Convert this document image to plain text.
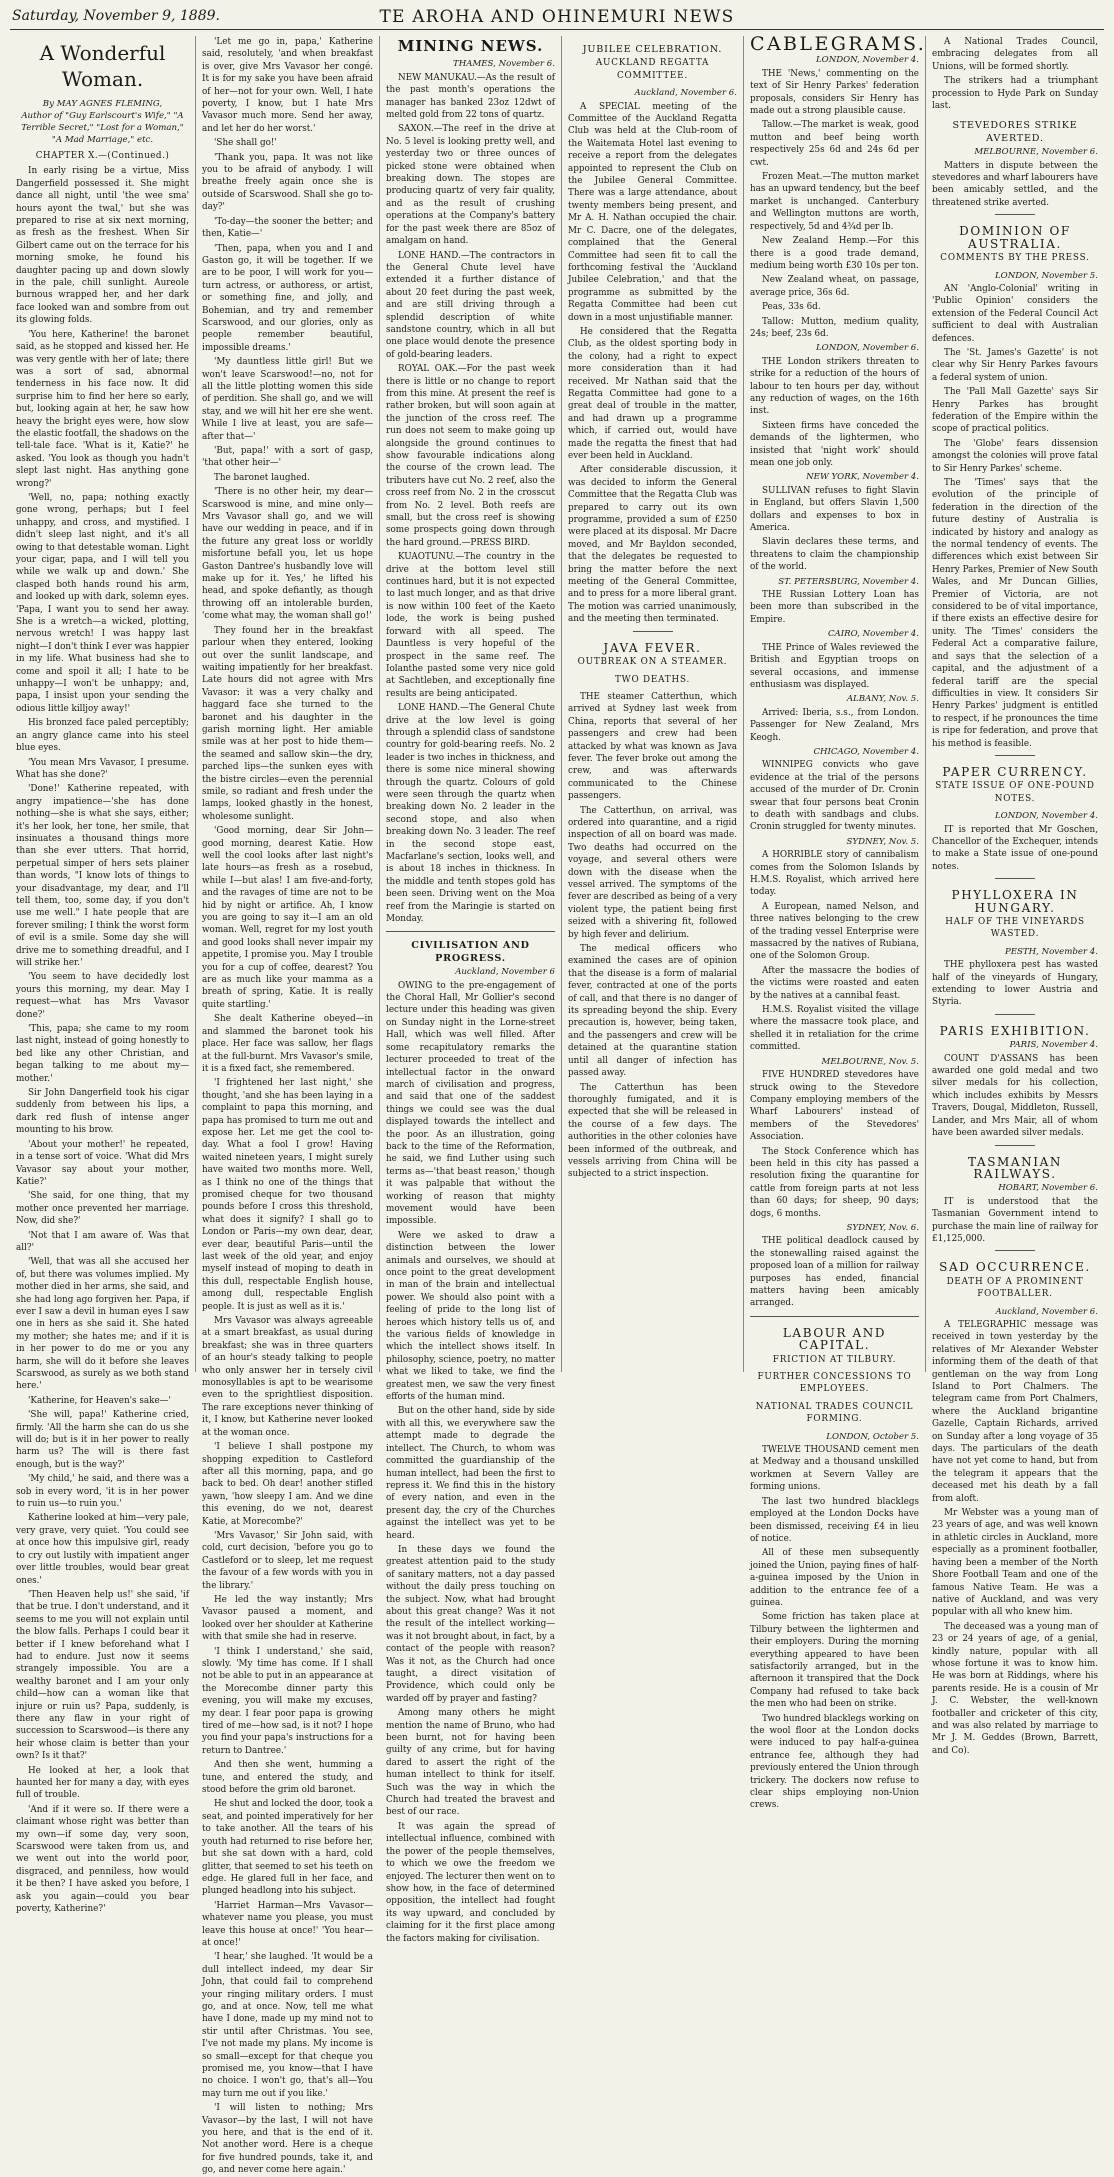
Saturday, November 9, 1889.	TE AROHA AND OHINEMURI NEWS
A Wonderful Woman.
By MAY AGNES FLEMING,
Author of "Guy Earlscourt's Wife," "A Terrible Secret," "Lost for a Woman," "A Mad Marriage," etc.
CHAPTER X.—(Continued.)

In early rising be a virtue, Miss Dangerfield possessed it. She might dance all night, until 'the wee sma' hours ayont the twal,' but she was prepared to rise at six next morning, as fresh as the freshest. When Sir Gilbert came out on the terrace for his morning smoke, he found his daughter pacing up and down slowly in the pale, chill sunlight. Aureole burnous wrapped her, and her dark face looked wan and sombre from out its glowing folds.

'You here, Katherine! the baronet said, as he stopped and kissed her. He was very gentle with her of late; there was a sort of sad, abnormal tenderness in his face now. It did surprise him to find her here so early, but, looking again at her, he saw how heavy the bright eyes were, how slow the elastic footfall, the shadows on the tell-tale face. 'What is it, Katie?' he asked. 'You look as though you hadn't slept last night. Has anything gone wrong?'

'Well, no, papa; nothing exactly gone wrong, perhaps; but I feel unhappy, and cross, and mystified. I didn't sleep last night, and it's all owing to that detestable woman. Light your cigar, papa, and I will tell you while we walk up and down.' She clasped both hands round his arm, and looked up with dark, solemn eyes. 'Papa, I want you to send her away. She is a wretch—a wicked, plotting, nervous wretch! I was happy last night—I don't think I ever was happier in my life. What business had she to come and spoil it all; I hate to be unhappy—I won't be unhappy; and, papa, I insist upon your sending the odious little killjoy away!'

His bronzed face paled perceptibly; an angry glance came into his steel blue eyes.

'You mean Mrs Vavasor, I presume. What has she done?'

'Done!' Katherine repeated, with angry impatience—'she has done nothing—she is what she says, either; it's her look, her tone, her smile, that insinuates a thousand things more than she ever utters. That horrid, perpetual simper of hers sets plainer than words, "I know lots of things to your disadvantage, my dear, and I'll tell them, too, some day, if you don't use me well." I hate people that are forever smiling; I think the worst form of evil is a smile. Some day she will drive me to something dreadful, and I will strike her.'

'You seem to have decidedly lost yours this morning, my dear. May I request—what has Mrs Vavasor done?'

'This, papa; she came to my room last night, instead of going honestly to bed like any other Christian, and began talking to me about my—mother.'

Sir John Dangerfield took his cigar suddenly from between his lips, a dark red flush of intense anger mounting to his brow.

'About your mother!' he repeated, in a tense sort of voice. 'What did Mrs Vavasor say about your mother, Katie?'

'She said, for one thing, that my mother once prevented her marriage. Now, did she?'

'Not that I am aware of. Was that all?'

'Well, that was all she accused her of, but there was volumes implied. My mother died in her arms, she said, and she had long ago forgiven her. Papa, if ever I saw a devil in human eyes I saw one in hers as she said it. She hated my mother; she hates me; and if it is in her power to do me or you any harm, she will do it before she leaves Scarswood, as surely as we both stand here.'

'Katherine, for Heaven's sake—'

'She will, papa!' Katherine cried, firmly. 'All the harm she can do us she will do; but is it in her power to really harm us? The will is there fast enough, but is the way?'

'My child,' he said, and there was a sob in every word, 'it is in her power to ruin us—to ruin you.'

Katherine looked at him—very pale, very grave, very quiet. 'You could see at once how this impulsive girl, ready to cry out lustily with impatient anger over little troubles, would bear great ones.'

'Then Heaven help us!' she said, 'if that be true. I don't understand, and it seems to me you will not explain until the blow falls. Perhaps I could bear it better if I knew beforehand what I had to endure. Just now it seems strangely impossible. You are a wealthy baronet and I am your only child—how can a woman like that injure or ruin us? Papa, suddenly, is there any flaw in your right of succession to Scarswood—is there any heir whose claim is better than your own? Is it that?'

He looked at her, a look that haunted her for many a day, with eyes full of trouble.

'And if it were so. If there were a claimant whose right was better than my own—if some day, very soon, Scarswood were taken from us, and we went out into the world poor, disgraced, and penniless, how would it be then? I have asked you before, I ask you again—could you bear poverty, Katherine?'

'Let me go in, papa,' Katherine said, resolutely, 'and when breakfast is over, give Mrs Vavasor her congé. It is for my sake you have been afraid of her—not for your own. Well, I hate poverty, I know, but I hate Mrs Vavasor much more. Send her away, and let her do her worst.'

'She shall go!'

'Thank you, papa. It was not like you to be afraid of anybody. I will breathe freely again once she is outside of Scarswood. Shall she go to-day?'

'To-day—the sooner the better; and then, Katie—'

'Then, papa, when you and I and Gaston go, it will be together. If we are to be poor, I will work for you—turn actress, or authoress, or artist, or something fine, and jolly, and Bohemian, and try and remember Scarswood, and our glories, only as people remember beautiful, impossible dreams.'

'My dauntless little girl! But we won't leave Scarswood!—no, not for all the little plotting women this side of perdition. She shall go, and we will stay, and we will hit her ere she went. While I live at least, you are safe—after that—'

'But, papa!' with a sort of gasp, 'that other heir—'

The baronet laughed.

'There is no other heir, my dear—Scarswood is mine, and mine only—Mrs Vavasor shall go, and we will have our wedding in peace, and if in the future any great loss or worldly misfortune befall you, let us hope Gaston Dantree's husbandly love will make up for it. Yes,' he lifted his head, and spoke defiantly, as though throwing off an intolerable burden, 'come what may, the woman shall go!'

They found her in the breakfast parlour when they entered, looking out over the sunlit landscape, and waiting impatiently for her breakfast. Late hours did not agree with Mrs Vavasor: it was a very chalky and haggard face she turned to the baronet and his daughter in the garish morning light. Her amiable smile was at her post to hide them—the seamed and sallow skin—the dry, parched lips—the sunken eyes with the bistre circles—even the perennial smile, so radiant and fresh under the lamps, looked ghastly in the honest, wholesome sunlight.

'Good morning, dear Sir John—good morning, dearest Katie. How well the cool looks after last night's late hours—as fresh as a rosebud, while I—but alas! I am five-and-forty, and the ravages of time are not to be hid by night or artifice. Ah, I know you are going to say it—I am an old woman. Well, regret for my lost youth and good looks shall never impair my appetite, I promise you. May I trouble you for a cup of coffee, dearest? You are as much like your mamma as a breath of spring, Katie. It is really quite startling.'

She dealt Katherine obeyed—in and slammed the baronet took his place. Her face was sallow, her flags at the full-burnt. Mrs Vavasor's smile, it is a fixed fact, she remembered.

'I frightened her last night,' she thought, 'and she has been laying in a complaint to papa this morning, and papa has promised to turn me out and expose her. Let me get the cool to-day. What a fool I grow! Having waited nineteen years, I might surely have waited two months more. Well, as I think no one of the things that promised cheque for two thousand pounds before I cross this threshold, what does it signify? I shall go to London or Paris—my own dear, dear, ever dear, beautiful Paris—until the last week of the old year, and enjoy myself instead of moping to death in this dull, respectable English house, among dull, respectable English people. It is just as well as it is.'

Mrs Vavasor was always agreeable at a smart breakfast, as usual during breakfast; she was in three quarters of an hour's steady talking to people who only answer her in tersely civil monosyllables is apt to be wearisome even to the sprightliest disposition. The rare exceptions never thinking of it, I know, but Katherine never looked at the woman once.

'I believe I shall postpone my shopping expedition to Castleford after all this morning, papa, and go back to bed. Oh dear! another stifled yawn, 'how sleepy I am. And we dine this evening, do we not, dearest Katie, at Morecombe?'

'Mrs Vavasor,' Sir John said, with cold, curt decision, 'before you go to Castleford or to sleep, let me request the favour of a few words with you in the library.'

He led the way instantly; Mrs Vavasor paused a moment, and looked over her shoulder at Katherine with that smile she had in reserve.

'I think I understand,' she said, slowly. 'My time has come. If I shall not be able to put in an appearance at the Morecombe dinner party this evening, you will make my excuses, my dear. I fear poor papa is growing tired of me—how sad, is it not? I hope you find your papa's instructions for a return to Dantree.'

And then she went, humming a tune, and entered the study, and stood before the grim old baronet.

He shut and locked the door, took a seat, and pointed imperatively for her to take another. All the tears of his youth had returned to rise before her, but she sat down with a hard, cold glitter, that seemed to set his teeth on edge. He glared full in her face, and plunged headlong into his subject.

'Harriet Harman—Mrs Vavasor—whatever name you please, you must leave this house at once!' 'You hear—at once!'

'I hear,' she laughed. 'It would be a dull intellect indeed, my dear Sir John, that could fail to comprehend your ringing military orders. I must go, and at once. Now, tell me what have I done, made up my mind not to stir until after Christmas. You see, I've not made my plans. My income is so small—except for that cheque you promised me, you know—that I have no choice. I won't go, that's all—You may turn me out if you like.'

'I will listen to nothing; Mrs Vavasor—by the last, I will not have you here, and that is the end of it. Not another word. Here is a cheque for five hundred pounds, take it, and go, and never come here again.'

MINING NEWS.
THAMES, November 6.

NEW MANUKAU.—As the result of the past month's operations the manager has banked 23oz 12dwt of melted gold from 22 tons of quartz.

SAXON.—The reef in the drive at No. 5 level is looking pretty well, and yesterday two or three ounces of picked stone were obtained when breaking down. The stopes are producing quartz of very fair quality, and as the result of crushing operations at the Company's battery for the past week there are 85oz of amalgam on hand.

LONE HAND.—The contractors in the General Chute level have extended it a further distance of about 20 feet during the past week, and are still driving through a splendid description of white sandstone country, which in all but one place would denote the presence of gold-bearing leaders.

ROYAL OAK.—For the past week there is little or no change to report from this mine. At present the reef is rather broken, but will soon again at the junction of the cross reef. The run does not seem to make going up alongside the ground continues to show favourable indications along the course of the crown lead. The tributers have cut No. 2 reef, also the cross reef from No. 2 in the crosscut from No. 2 level. Both reefs are small, but the cross reef is showing some prospects going down through the hard ground.—PRESS BIRD.

KUAOTUNU.—The country in the drive at the bottom level still continues hard, but it is not expected to last much longer, and as that drive is now within 100 feet of the Kaeto lode, the work is being pushed forward with all speed. The Dauntless is very hopeful of the prospect in the same reef. The Iolanthe pasted some very nice gold at Sachtleben, and exceptionally fine results are being anticipated.

LONE HAND.—The General Chute drive at the low level is going through a splendid class of sandstone country for gold-bearing reefs. No. 2 leader is two inches in thickness, and there is some nice mineral showing through the quartz. Colours of gold were seen through the quartz when breaking down No. 2 leader in the second stope, and also when breaking down No. 3 leader. The reef in the second stope east, Macfarlane's section, looks well, and is about 18 inches in thickness. In the middle and tenth stopes gold has been seen. Driving went on the Moa reef from the Maringie is started on Monday.

CIVILISATION AND PROGRESS.
Auckland, November 6

OWING to the pre-engagement of the Choral Hall, Mr Gollier's second lecture under this heading was given on Sunday night in the Lorne-street Hall, which was well filled. After some recapitulatory remarks the lecturer proceeded to treat of the intellectual factor in the onward march of civilisation and progress, and said that one of the saddest things we could see was the dual displayed towards the intellect and the poor. As an illustration, going back to the time of the Reformation, he said, we find Luther using such terms as—'that beast reason,' though it was palpable that without the working of reason that mighty movement would have been impossible.

Were we asked to draw a distinction between the lower animals and ourselves, we should at once point to the great development in man of the brain and intellectual power. We should also point with a feeling of pride to the long list of heroes which history tells us of, and the various fields of knowledge in which the intellect shows itself. In philosophy, science, poetry, no matter what we liked to take, we find the greatest men, we saw the very finest efforts of the human mind.

But on the other hand, side by side with all this, we everywhere saw the attempt made to degrade the intellect. The Church, to whom was committed the guardianship of the human intellect, had been the first to repress it. We find this in the history of every nation, and even in the present day, the cry of the Churches against the intellect was yet to be heard.

In these days we found the greatest attention paid to the study of sanitary matters, not a day passed without the daily press touching on the subject. Now, what had brought about this great change? Was it not the result of the intellect working—was it not brought about, in fact, by a contact of the people with reason? Was it not, as the Church had once taught, a direct visitation of Providence, which could only be warded off by prayer and fasting?

Among many others he might mention the name of Bruno, who had been burnt, not for having been guilty of any crime, but for having dared to assert the right of the human intellect to think for itself. Such was the way in which the Church had treated the bravest and best of our race.

It was again the spread of intellectual influence, combined with the power of the people themselves, to which we owe the freedom we enjoyed. The lecturer then went on to show how, in the face of determined opposition, the intellect had fought its way upward, and concluded by claiming for it the first place among the factors making for civilisation.

JUBILEE CELEBRATION.
AUCKLAND REGATTA COMMITTEE.
Auckland, November 6.

A SPECIAL meeting of the Committee of the Auckland Regatta Club was held at the Club-room of the Waitemata Hotel last evening to receive a report from the delegates appointed to represent the Club on the Jubilee General Committee. There was a large attendance, about twenty members being present, and Mr A. H. Nathan occupied the chair. Mr C. Dacre, one of the delegates, complained that the General Committee had seen fit to call the forthcoming festival the 'Auckland Jubilee Celebration,' and that the programme as submitted by the Regatta Committee had been cut down in a most unjustifiable manner.

He considered that the Regatta Club, as the oldest sporting body in the colony, had a right to expect more consideration than it had received. Mr Nathan said that the Regatta Committee had gone to a great deal of trouble in the matter, and had drawn up a programme which, if carried out, would have made the regatta the finest that had ever been held in Auckland.

After considerable discussion, it was decided to inform the General Committee that the Regatta Club was prepared to carry out its own programme, provided a sum of £250 were placed at its disposal. Mr Dacre moved, and Mr Bayldon seconded, that the delegates be requested to bring the matter before the next meeting of the General Committee, and to press for a more liberal grant. The motion was carried unanimously, and the meeting then terminated.

JAVA FEVER.
OUTBREAK ON A STEAMER.
TWO DEATHS.

THE steamer Catterthun, which arrived at Sydney last week from China, reports that several of her passengers and crew had been attacked by what was known as Java fever. The fever broke out among the crew, and was afterwards communicated to the Chinese passengers.

The Catterthun, on arrival, was ordered into quarantine, and a rigid inspection of all on board was made. Two deaths had occurred on the voyage, and several others were down with the disease when the vessel arrived. The symptoms of the fever are described as being of a very violent type, the patient being first seized with a shivering fit, followed by high fever and delirium.

The medical officers who examined the cases are of opinion that the disease is a form of malarial fever, contracted at one of the ports of call, and that there is no danger of its spreading beyond the ship. Every precaution is, however, being taken, and the passengers and crew will be detained at the quarantine station until all danger of infection has passed away.

The Catterthun has been thoroughly fumigated, and it is expected that she will be released in the course of a few days. The authorities in the other colonies have been informed of the outbreak, and vessels arriving from China will be subjected to a strict inspection.

CABLEGRAMS.
LONDON, November 4.

THE 'News,' commenting on the text of Sir Henry Parkes' federation proposals, considers Sir Henry has made out a strong plausible cause.

Tallow.—The market is weak, good mutton and beef being worth respectively 25s 6d and 24s 6d per cwt.

Frozen Meat.—The mutton market has an upward tendency, but the beef market is unchanged. Canterbury and Wellington muttons are worth, respectively, 5d and 4¾d per lb.

New Zealand Hemp.—For this there is a good trade demand, medium being worth £30 10s per ton.

New Zealand wheat, on passage, average price, 36s 6d.

Peas, 33s 6d.

Tallow: Mutton, medium quality, 24s; beef, 23s 6d.

LONDON, November 6.

THE London strikers threaten to strike for a reduction of the hours of labour to ten hours per day, without any reduction of wages, on the 16th inst.

Sixteen firms have conceded the demands of the lightermen, who insisted that 'night work' should mean one job only.

NEW YORK, November 4.

SULLIVAN refuses to fight Slavin in England, but offers Slavin 1,500 dollars and expenses to box in America.

Slavin declares these terms, and threatens to claim the championship of the world.

ST. PETERSBURG, November 4.

THE Russian Lottery Loan has been more than subscribed in the Empire.

CAIRO, November 4.

THE Prince of Wales reviewed the British and Egyptian troops on several occasions, and immense enthusiasm was displayed.

ALBANY, Nov. 5.

Arrived: Iberia, s.s., from London. Passenger for New Zealand, Mrs Keogh.

CHICAGO, November 4.

WINNIPEG convicts who gave evidence at the trial of the persons accused of the murder of Dr. Cronin swear that four persons beat Cronin to death with sandbags and clubs. Cronin struggled for twenty minutes.

SYDNEY, Nov. 5.

A HORRIBLE story of cannibalism comes from the Solomon Islands by H.M.S. Royalist, which arrived here today.

A European, named Nelson, and three natives belonging to the crew of the trading vessel Enterprise were massacred by the natives of Rubiana, one of the Solomon Group.

After the massacre the bodies of the victims were roasted and eaten by the natives at a cannibal feast.

H.M.S. Royalist visited the village where the massacre took place, and shelled it in retaliation for the crime committed.

MELBOURNE, Nov. 5.

FIVE HUNDRED stevedores have struck owing to the Stevedore Company employing members of the Wharf Labourers' instead of members of the Stevedores' Association.

The Stock Conference which has been held in this city has passed a resolution fixing the quarantine for cattle from foreign parts at not less than 60 days; for sheep, 90 days; dogs, 6 months.

SYDNEY, Nov. 6.

THE political deadlock caused by the stonewalling raised against the proposed loan of a million for railway purposes has ended, financial matters having been amicably arranged.

LABOUR AND CAPITAL.
FRICTION AT TILBURY.
FURTHER CONCESSIONS TO EMPLOYEES.
NATIONAL TRADES COUNCIL FORMING.
LONDON, October 5.

TWELVE THOUSAND cement men at Medway and a thousand unskilled workmen at Severn Valley are forming unions.

The last two hundred blacklegs employed at the London Docks have been dismissed, receiving £4 in lieu of notice.

All of these men subsequently joined the Union, paying fines of half-a-guinea imposed by the Union in addition to the entrance fee of a guinea.

Some friction has taken place at Tilbury between the lightermen and their employers. During the morning everything appeared to have been satisfactorily arranged, but in the afternoon it transpired that the Dock Company had refused to take back the men who had been on strike.

Two hundred blacklegs working on the wool floor at the London docks were induced to pay half-a-guinea entrance fee, although they had previously entered the Union through trickery. The dockers now refuse to clear ships employing non-Union crews.

A National Trades Council, embracing delegates from all Unions, will be formed shortly.

The strikers had a triumphant procession to Hyde Park on Sunday last.

STEVEDORES STRIKE AVERTED.
MELBOURNE, November 6.

Matters in dispute between the stevedores and wharf labourers have been amicably settled, and the threatened strike averted.

DOMINION OF AUSTRALIA.
COMMENTS BY THE PRESS.
LONDON, November 5.

AN 'Anglo-Colonial' writing in 'Public Opinion' considers the extension of the Federal Council Act sufficient to deal with Australian defences.

The 'St. James's Gazette' is not clear why Sir Henry Parkes favours a federal system of union.

The 'Pall Mall Gazette' says Sir Henry Parkes has brought federation of the Empire within the scope of practical politics.

The 'Globe' fears dissension amongst the colonies will prove fatal to Sir Henry Parkes' scheme.

The 'Times' says that the evolution of the principle of federation in the direction of the future destiny of Australia is indicated by history and analogy as the normal tendency of events. The differences which exist between Sir Henry Parkes, Premier of New South Wales, and Mr Duncan Gillies, Premier of Victoria, are not considered to be of vital importance, if there exists an effective desire for unity. The 'Times' considers the Federal Act a comparative failure, and says that the selection of a capital, and the adjustment of a federal tariff are the special difficulties in view. It considers Sir Henry Parkes' judgment is entitled to respect, if he pronounces the time is ripe for federation, and prove that his method is feasible.

PAPER CURRENCY.
STATE ISSUE OF ONE-POUND NOTES.
LONDON, November 4.

IT is reported that Mr Goschen, Chancellor of the Exchequer, intends to make a State issue of one-pound notes.

PHYLLOXERA IN HUNGARY.
HALF OF THE VINEYARDS WASTED.
PESTH, November 4.

THE phylloxera pest has wasted half of the vineyards of Hungary, extending to lower Austria and Styria.

PARIS EXHIBITION.
PARIS, November 4.

COUNT D'ASSANS has been awarded one gold medal and two silver medals for his collection, which includes exhibits by Messrs Travers, Dougal, Middleton, Russell, Lander, and Mrs Mair, all of whom have been awarded silver medals.

TASMANIAN RAILWAYS.
HOBART, November 6.

IT is understood that the Tasmanian Government intend to purchase the main line of railway for £1,125,000.

SAD OCCURRENCE.
DEATH OF A PROMINENT FOOTBALLER.
Auckland, November 6.

A TELEGRAPHIC message was received in town yesterday by the relatives of Mr Alexander Webster informing them of the death of that gentleman on the way from Long Island to Port Chalmers. The telegram came from Port Chalmers, where the Auckland brigantine Gazelle, Captain Richards, arrived on Sunday after a long voyage of 35 days. The particulars of the death have not yet come to hand, but from the telegram it appears that the deceased met his death by a fall from aloft.

Mr Webster was a young man of 23 years of age, and was well known in athletic circles in Auckland, more especially as a prominent footballer, having been a member of the North Shore Football Team and one of the famous Native Team. He was a native of Auckland, and was very popular with all who knew him.

The deceased was a young man of 23 or 24 years of age, of a genial, kindly nature, popular with all whose fortune it was to know him. He was born at Riddings, where his parents reside. He is a cousin of Mr J. C. Webster, the well-known footballer and cricketer of this city, and was also related by marriage to Mr J. M. Geddes (Brown, Barrett, and Co).
